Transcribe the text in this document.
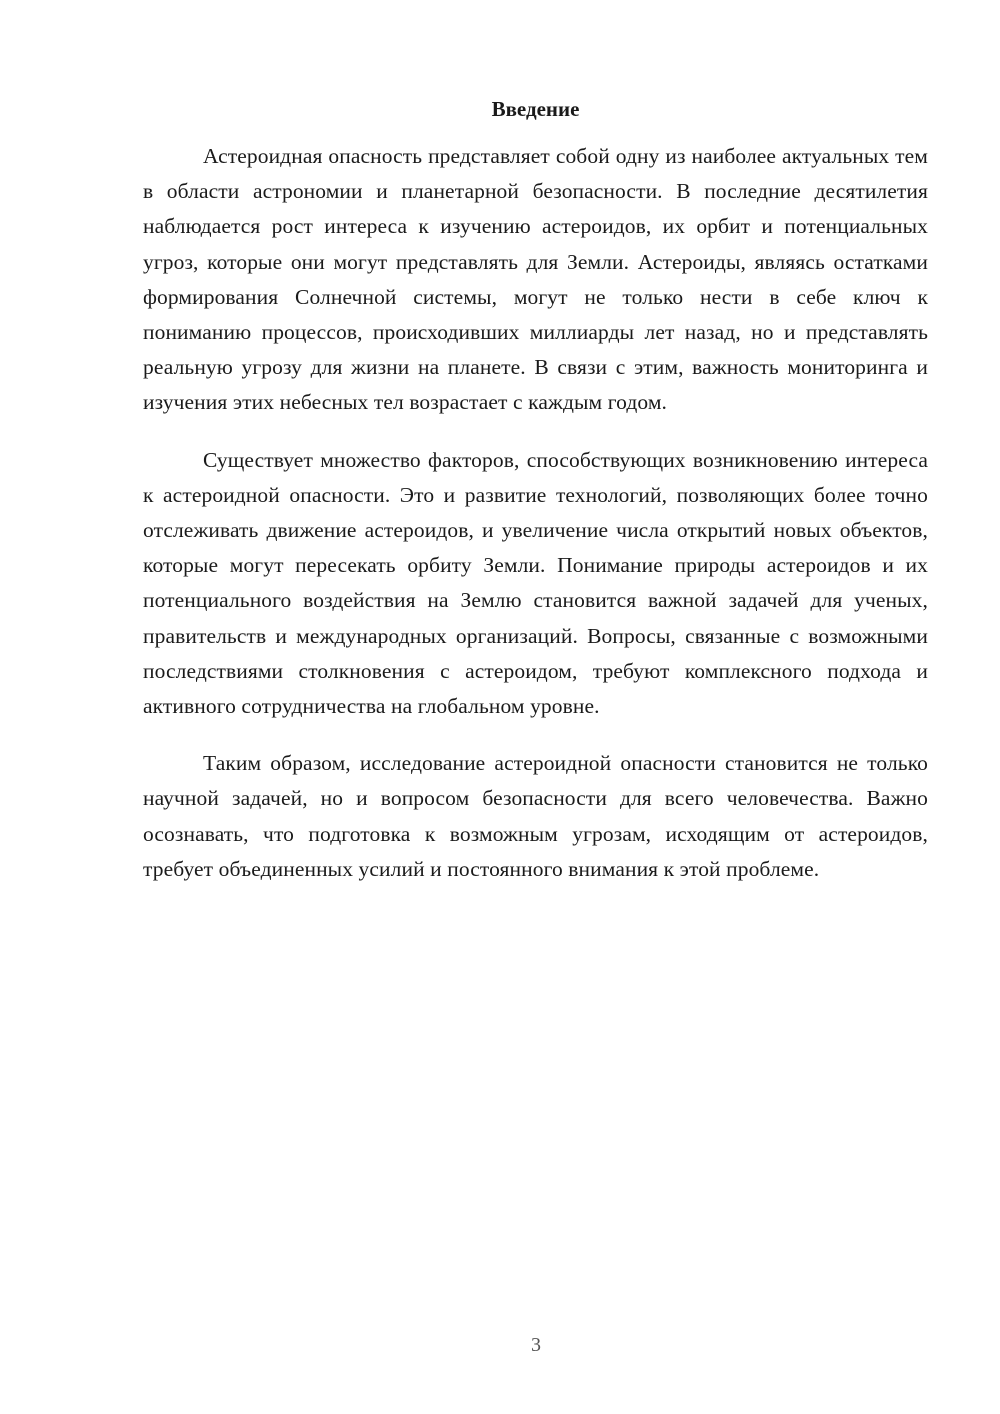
Введение

Астероидная опасность представляет собой одну из наиболее актуальных тем в области астрономии и планетарной безопасности. В последние десятилетия наблюдается рост интереса к изучению астероидов, их орбит и потенциальных угроз, которые они могут представлять для Земли. Астероиды, являясь остатками формирования Солнечной системы, могут не только нести в себе ключ к пониманию процессов, происходивших миллиарды лет назад, но и представлять реальную угрозу для жизни на планете. В связи с этим, важность мониторинга и изучения этих небесных тел возрастает с каждым годом.

Существует множество факторов, способствующих возникновению интереса к астероидной опасности. Это и развитие технологий, позволяющих более точно отслеживать движение астероидов, и увеличение числа открытий новых объектов, которые могут пересекать орбиту Земли. Понимание природы астероидов и их потенциального воздействия на Землю становится важной задачей для ученых, правительств и международных организаций. Вопросы, связанные с возможными последствиями столкновения с астероидом, требуют комплексного подхода и активного сотрудничества на глобальном уровне.

Таким образом, исследование астероидной опасности становится не только научной задачей, но и вопросом безопасности для всего человечества. Важно осознавать, что подготовка к возможным угрозам, исходящим от астероидов, требует объединенных усилий и постоянного внимания к этой проблеме.

3
